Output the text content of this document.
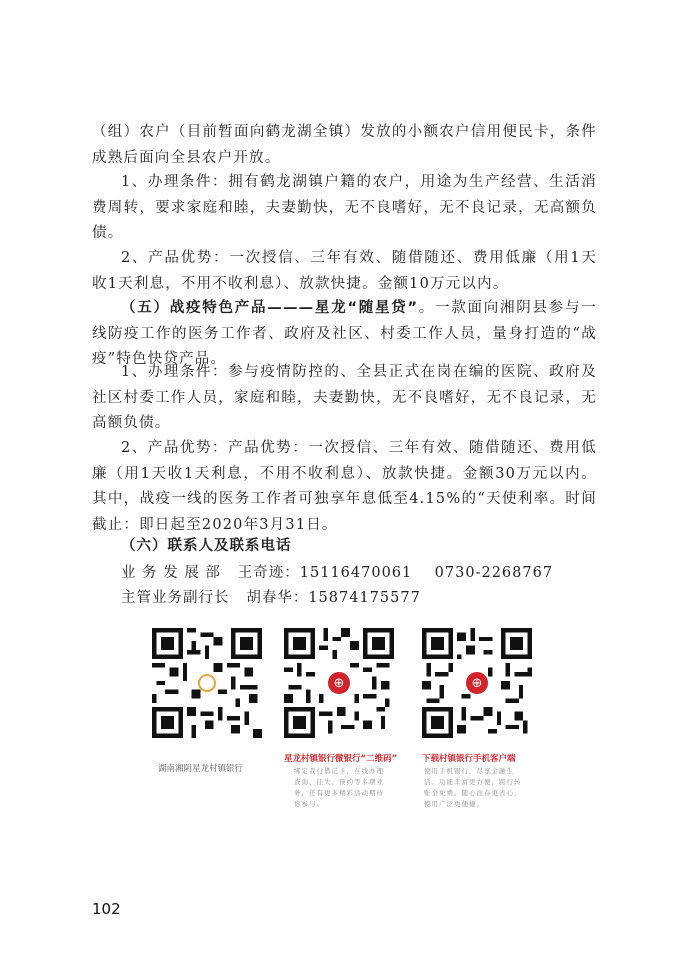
（组）农户（目前暂面向鹤龙湖全镇）发放的小额农户信用便民卡，条件成熟后面向全县农户开放。

1、办理条件：拥有鹤龙湖镇户籍的农户，用途为生产经营、生活消费周转，要求家庭和睦，夫妻勤快，无不良嗜好，无不良记录，无高额负债。

2、产品优势：一次授信、三年有效、随借随还、费用低廉（用1天收1天利息，不用不收利息）、放款快捷。金额10万元以内。

（五）战疫特色产品———星龙“随星贷”。一款面向湘阴县参与一线防疫工作的医务工作者、政府及社区、村委工作人员，量身打造的“战疫”特色快贷产品。

1、办理条件：参与疫情防控的、全县正式在岗在编的医院、政府及社区村委工作人员，家庭和睦，夫妻勤快，无不良嗜好，无不良记录，无高额负债。

2、产品优势：产品优势：一次授信、三年有效、随借随还、费用低廉（用1天收1天利息，不用不收利息）、放款快捷。金额30万元以内。其中，战疫一线的医务工作者可独享年息低至4.15%的“天使利率。时间截止：即日起至2020年3月31日。

（六）联系人及联系电话

业 务 发 展 部   王奇迹：15116470061    0730-2268767

主管业务副行长   胡春华：15874175577

湖南湘阴星龙村镇银行
⊕
星龙村镇银行微银行“二维码”
绑定我行借记卡，在线办理查询、挂失、预约等多项业务，还有更多精彩活动期待你参与。
⊕
下载村镇银行手机客户端
使用手机银行，尽享金融生活。功能丰富更方便，跨行转账全免费。随心而存更省心，使用广泛更便捷。
102
